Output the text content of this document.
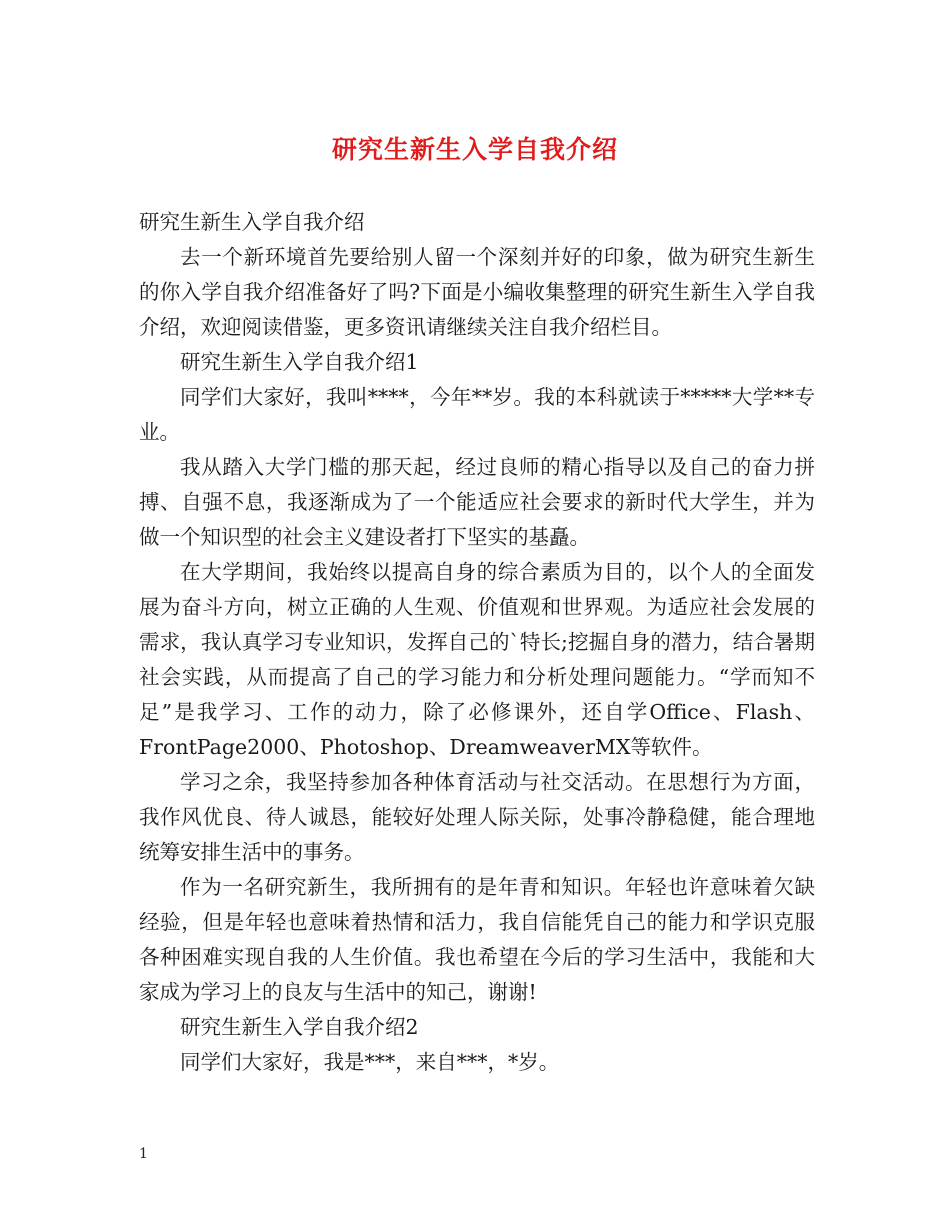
研究生新生入学自我介绍

研究生新生入学自我介绍

去一个新环境首先要给别人留一个深刻并好的印象，做为研究生新生的你入学自我介绍准备好了吗?下面是小编收集整理的研究生新生入学自我介绍，欢迎阅读借鉴，更多资讯请继续关注自我介绍栏目。

研究生新生入学自我介绍1

同学们大家好，我叫****，今年**岁。我的本科就读于*****大学**专业。

我从踏入大学门槛的那天起，经过良师的精心指导以及自己的奋力拼搏、自强不息，我逐渐成为了一个能适应社会要求的新时代大学生，并为做一个知识型的社会主义建设者打下坚实的基矗。

在大学期间，我始终以提高自身的综合素质为目的，以个人的全面发展为奋斗方向，树立正确的人生观、价值观和世界观。为适应社会发展的需求，我认真学习专业知识，发挥自己的`特长;挖掘自身的潜力，结合暑期社会实践，从而提高了自己的学习能力和分析处理问题能力。“学而知不足”是我学习、工作的动力，除了必修课外，还自学Office、Flash、FrontPage2000、Photoshop、DreamweaverMX等软件。

学习之余，我坚持参加各种体育活动与社交活动。在思想行为方面，我作风优良、待人诚恳，能较好处理人际关际，处事冷静稳健，能合理地统筹安排生活中的事务。

作为一名研究新生，我所拥有的是年青和知识。年轻也许意味着欠缺经验，但是年轻也意味着热情和活力，我自信能凭自己的能力和学识克服各种困难实现自我的人生价值。我也希望在今后的学习生活中，我能和大家成为学习上的良友与生活中的知己，谢谢!

研究生新生入学自我介绍2

同学们大家好，我是***，来自***，*岁。

1
